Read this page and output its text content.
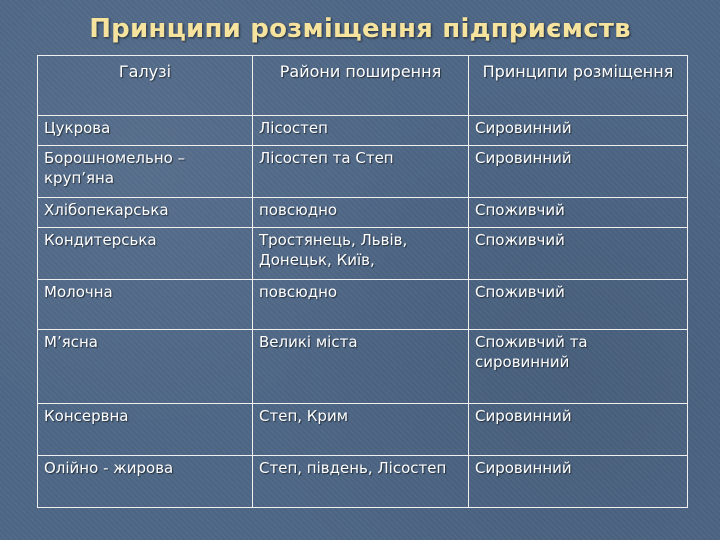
Принципи розміщення підприємств
Галузі	Райони поширення	Принципи розміщення
Цукрова	Лісостеп	Сировинний
Борошномельно – круп’яна	Лісостеп та Степ	Сировинний
Хлібопекарська	повсюдно	Споживчий
Кондитерська	Тростянець, Львів, Донецьк, Київ,	Споживчий
Молочна	повсюдно	Споживчий
М’ясна	Великі міста	Споживчий та сировинний
Консервна	Степ, Крим	Сировинний
Олійно - жирова	Степ, південь, Лісостеп	Сировинний
